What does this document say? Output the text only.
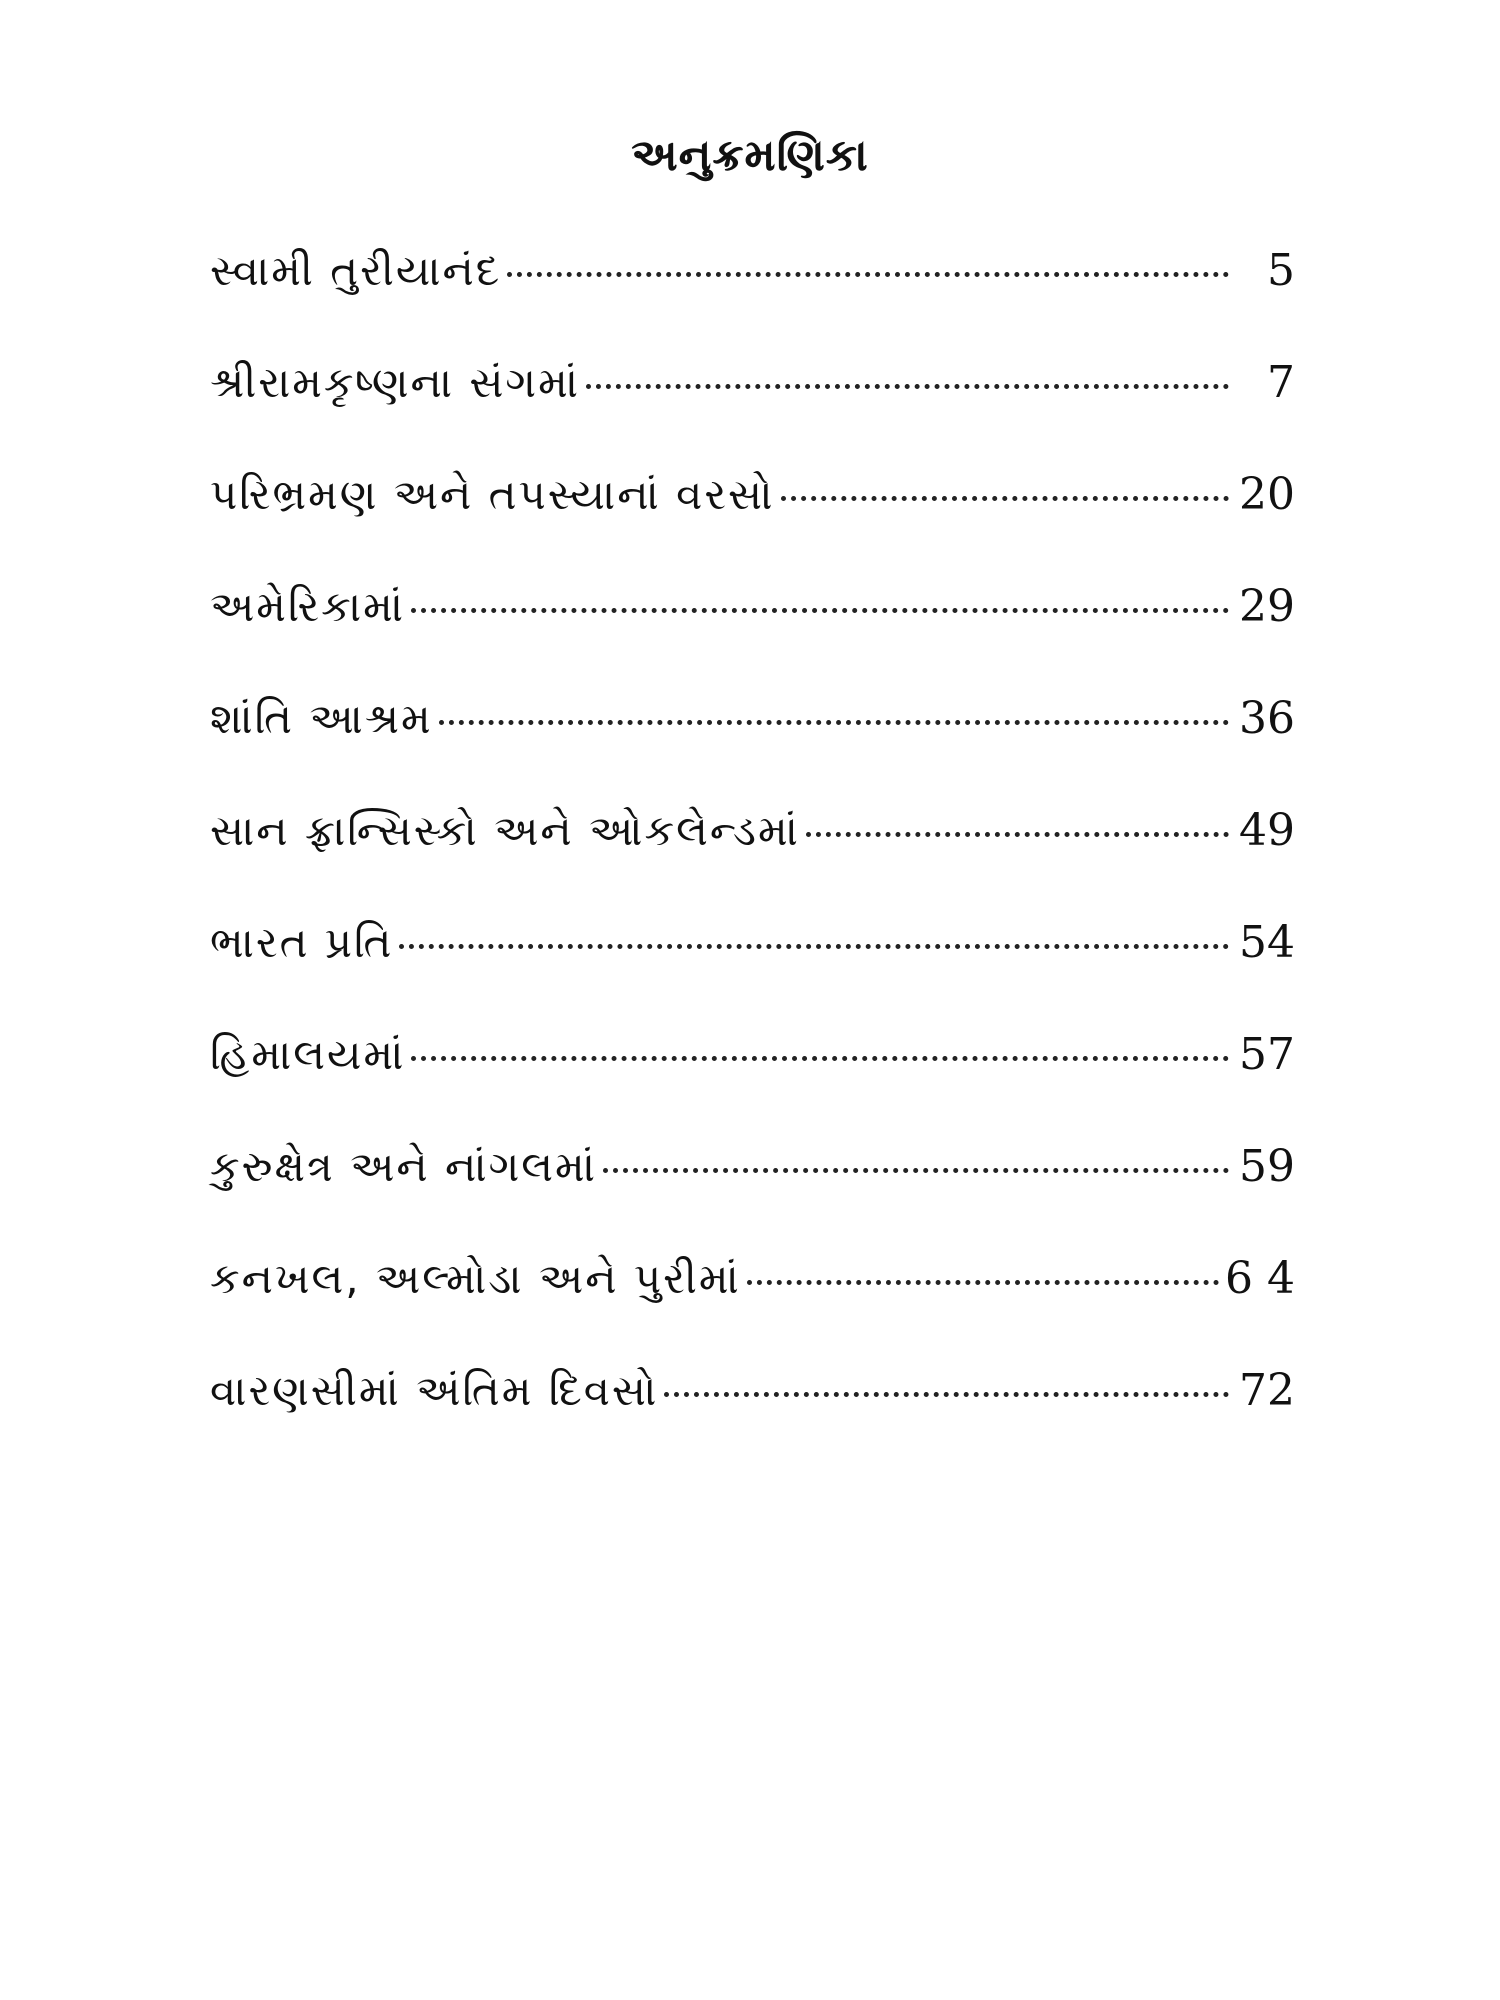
અનુક્રમણિકા
સ્વામી તુરીયાનંદ	5
શ્રીરામકૃષ્ણના સંગમાં	7
પરિભ્રમણ અને તપસ્યાનાં વરસો	20
અમેરિકામાં	29
શાંતિ આશ્રમ	36
સાન ફ્રાન્સિસ્કો અને ઓકલેન્ડમાં	49
ભારત પ્રતિ	54
હિમાલયમાં	57
કુરુક્ષેત્ર અને નાંગલમાં	59
કનખલ, અલ્મોડા અને પુરીમાં	6 4
વારણસીમાં અંતિમ દિવસો	72
